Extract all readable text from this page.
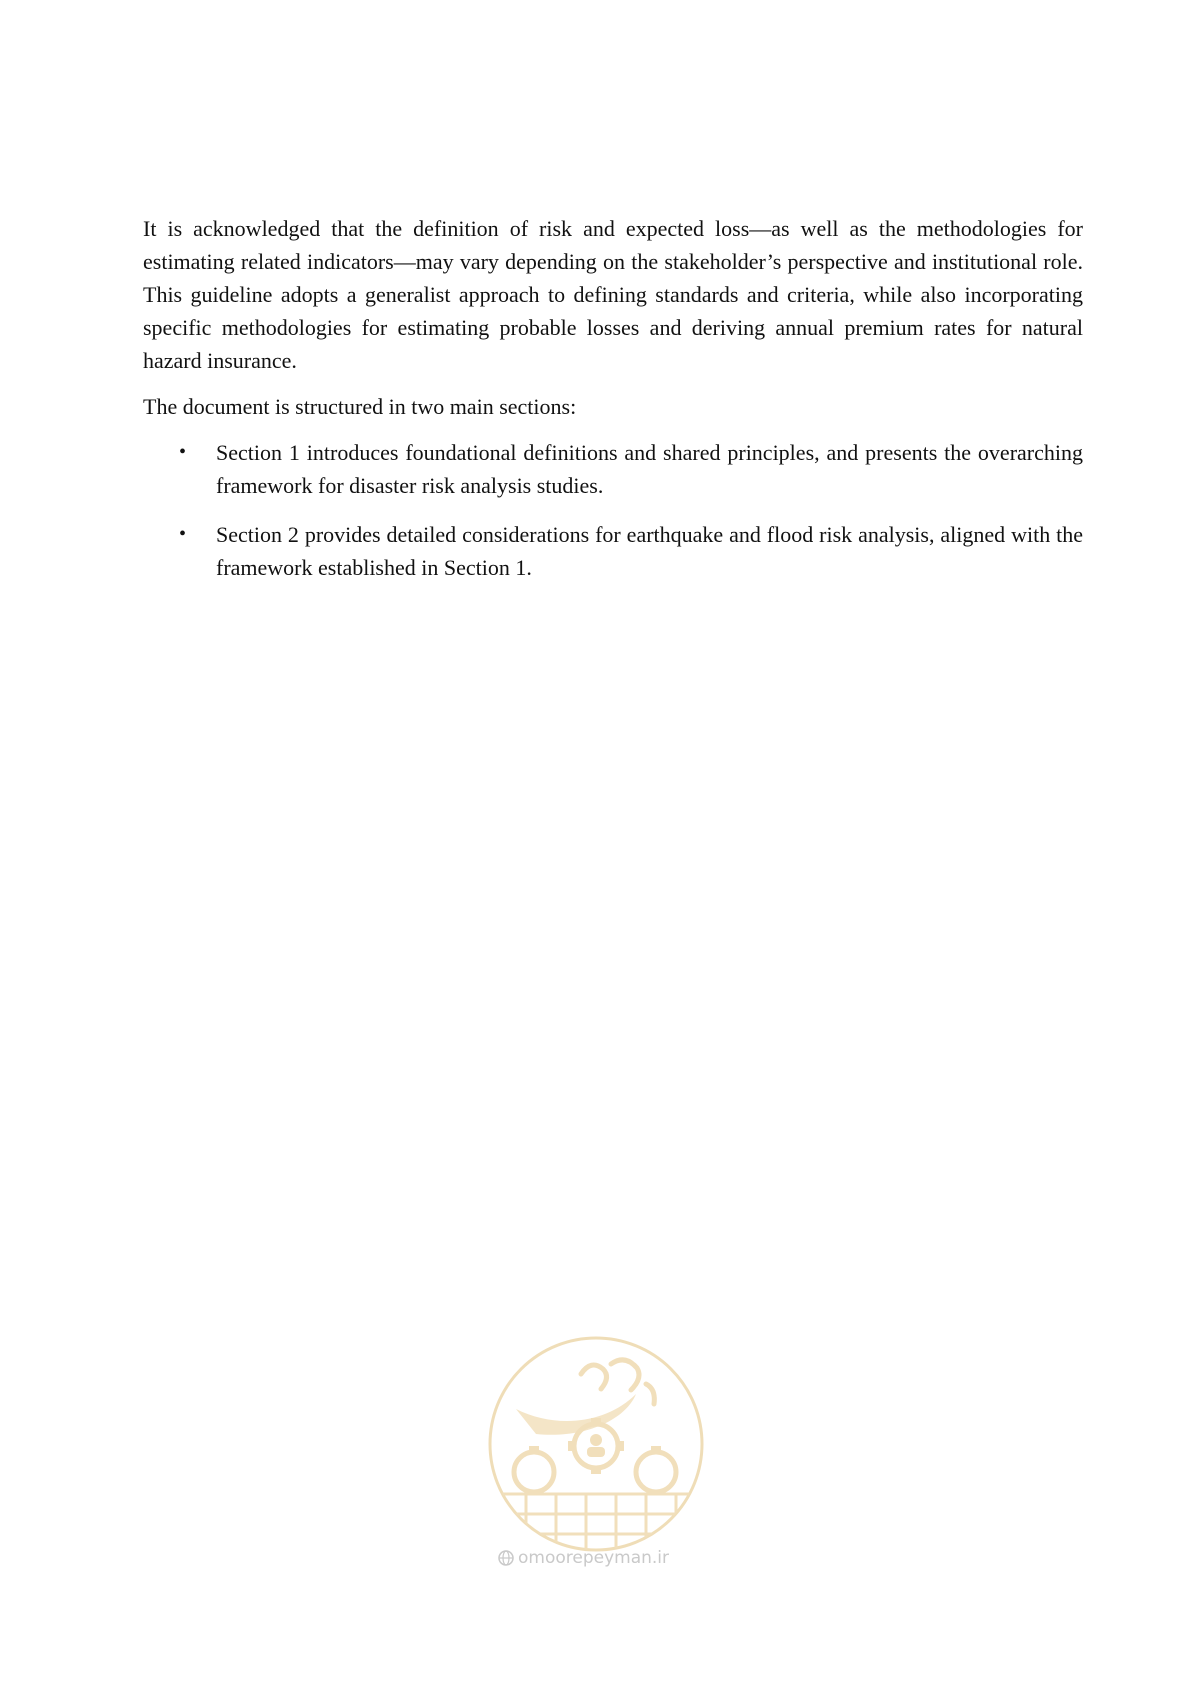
It is acknowledged that the definition of risk and expected loss—as well as the methodologies for estimating related indicators—may vary depending on the stakeholder’s perspective and institutional role. This guideline adopts a generalist approach to defining standards and criteria, while also incorporating specific methodologies for estimating probable losses and deriving annual premium rates for natural hazard insurance.

The document is structured in two main sections:

• Section 1 introduces foundational definitions and shared principles, and presents the overarching framework for disaster risk analysis studies.
• Section 2 provides detailed considerations for earthquake and flood risk analysis, aligned with the framework established in Section 1.
omoorepeyman.ir
